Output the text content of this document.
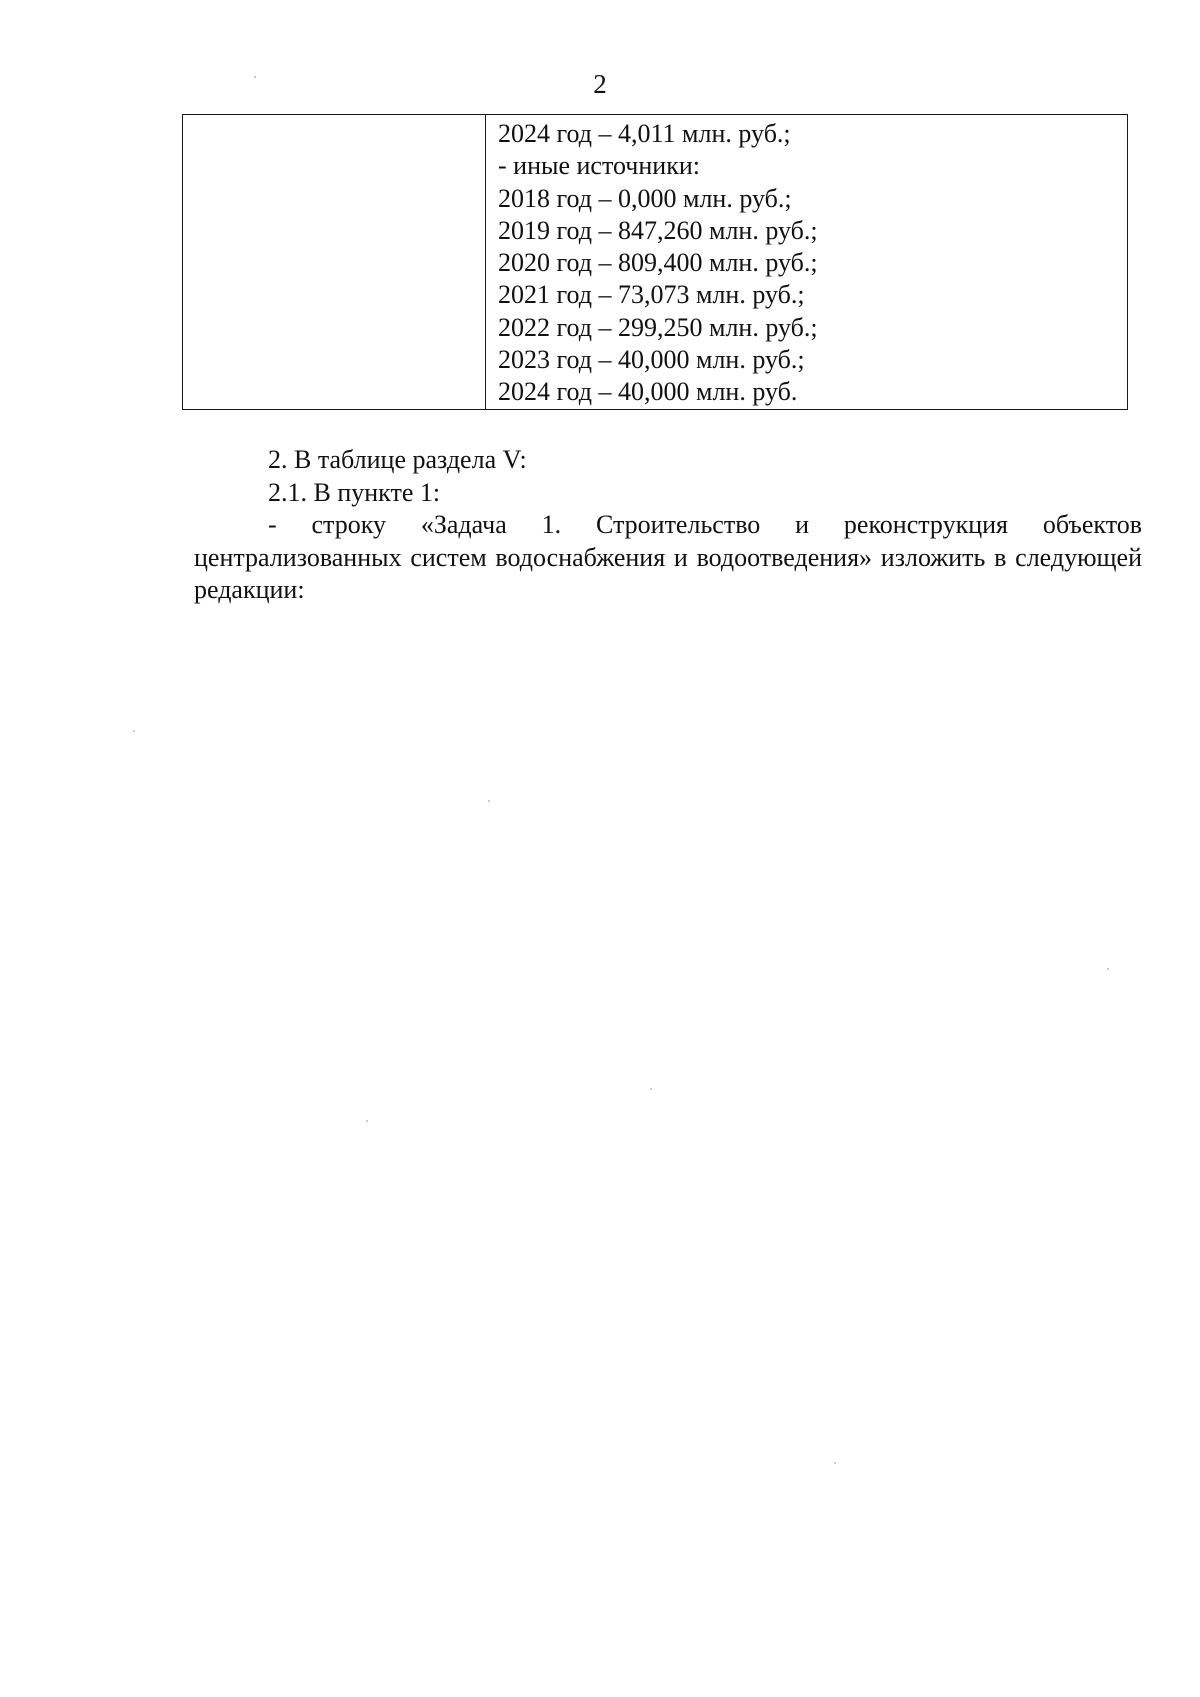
2

2024 год – 4,011 млн. руб.;
- иные источники:
2018 год – 0,000 млн. руб.;
2019 год – 847,260 млн. руб.;
2020 год – 809,400 млн. руб.;
2021 год – 73,073 млн. руб.;
2022 год – 299,250 млн. руб.;
2023 год – 40,000 млн. руб.;
2024 год – 40,000 млн. руб.

2. В таблице раздела V:

2.1. В пункте 1:

- строку «Задача 1. Строительство и реконструкция объектов централизованных систем водоснабжения и водоотведения» изложить в следующей редакции:
